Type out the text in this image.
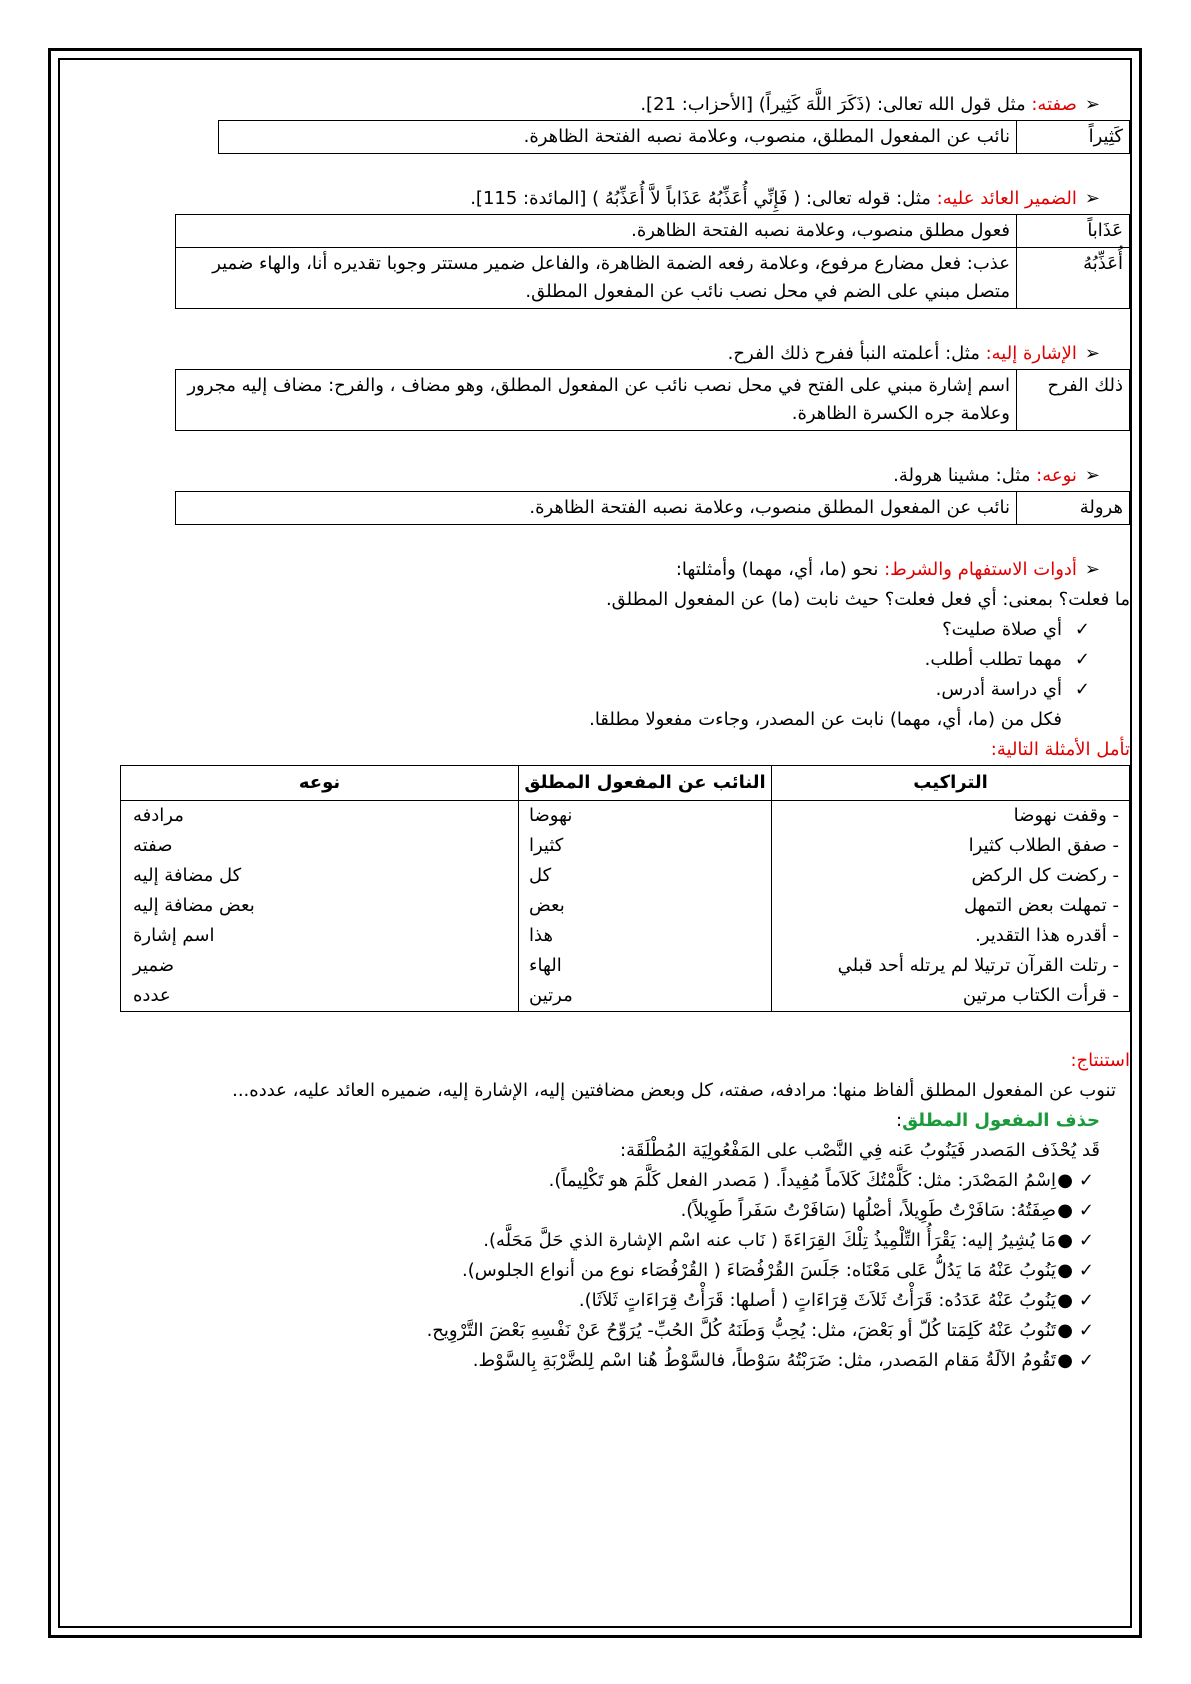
➢صفته: مثل قول الله تعالى: (ذَكَرَ اللَّهَ كَثِيراً) [الأحزاب: 21].

كَثِيراً	نائب عن المفعول المطلق، منصوب، وعلامة نصبه الفتحة الظاهرة.

➢الضمير العائد عليه: مثل: قوله تعالى: ( فَإِنِّي أُعَذِّبُهُ عَذَاباً لاَّ أُعَذِّبُهُ ) [المائدة: 115].

عَذَاباً	فعول مطلق منصوب، وعلامة نصبه الفتحة الظاهرة.
أُعَذِّبُهُ	عذب: فعل مضارع مرفوع، وعلامة رفعه الضمة الظاهرة، والفاعل ضمير مستتر وجوبا تقديره أنا، والهاء ضمير متصل مبني على الضم في محل نصب نائب عن المفعول المطلق.

➢الإشارة إليه: مثل: أعلمته النبأ ففرح ذلك الفرح.

ذلك الفرح	اسم إشارة مبني على الفتح في محل نصب نائب عن المفعول المطلق، وهو مضاف ، والفرح: مضاف إليه مجرور وعلامة جره الكسرة الظاهرة.

➢نوعه: مثل: مشينا هرولة.

هرولة	نائب عن المفعول المطلق منصوب، وعلامة نصبه الفتحة الظاهرة.

➢أدوات الاستفهام والشرط: نحو (ما، أي، مهما) وأمثلتها:

ما فعلت؟ بمعنى: أي فعل فعلت؟ حيث نابت (ما) عن المفعول المطلق.

✓
أي صلاة صليت؟
✓
مهما تطلب أطلب.
✓
أي دراسة أدرس.

فكل من (ما، أي، مهما) نابت عن المصدر، وجاءت مفعولا مطلقا.

تأمل الأمثلة التالية:

التراكيب	النائب عن المفعول المطلق	نوعه
- وقفت نهوضا	نهوضا	مرادفه
- صفق الطلاب كثيرا	كثيرا	صفته
- ركضت كل الركض	كل	كل مضافة إليه
- تمهلت بعض التمهل	بعض	بعض مضافة إليه
- أقدره هذا التقدير.	هذا	اسم إشارة
- رتلت القرآن ترتيلا لم يرتله أحد قبلي	الهاء	ضمير
- قرأت الكتاب مرتين	مرتين	عدده

استنتاج:

تنوب عن المفعول المطلق ألفاظ منها: مرادفه، صفته، كل وبعض مضافتين إليه، الإشارة إليه، ضميره العائد عليه، عدده...

حذف المفعول المطلق:

قَد يُحْذَف المَصدر فَيَنُوبُ عَنه فِي النَّصْب على المَفْعُولِيَة المُطْلَقَة:

✓●
اِسْمُ المَصْدَر: مثل: كَلَّمْتُكَ كَلاَماً مُفِيداً. ( مَصدر الفعل كَلَّمَ هو تَكْلِيماً).
✓●
صِفَتُهُ: سَافَرْتُ طَوِيلاً، أصْلُها (سَافَرْتُ سَفَراً طَوِيلاً).
✓●
مَا يُشِيرُ إليه: يَقْرَأُ التِّلْمِيذُ تِلْكَ القِرَاءَةَ ( نَاب عنه اسْم الإشارة الذي حَلَّ مَحَلَّه).
✓●
يَنُوبُ عَنْهُ مَا يَدُلُّ عَلى مَعْنَاه: جَلَسَ القُرْفُصَاءَ ( القُرْفُصَاء نوع من أنواع الجلوس).
✓●
يَنُوبُ عَنْهُ عَدَدُه: قَرَأْتُ ثَلاَثَ قِرَاءَاتٍ ( أصلها: قَرَأْتُ قِرَاءَاتٍ ثَلاَثَا).
✓●
تَنُوبُ عَنْهُ كَلِمَتا كُلّ أو بَعْضَ، مثل: يُحِبُّ وَطَنَهُ كُلَّ الحُبِّ- يُرَوِّحُ عَنْ نَفْسِهِ بَعْضَ التَّرْوِيح.
✓●
تَقُومُ الآلَةُ مَقام المَصدر، مثل: ضَرَبْتُهُ سَوْطاً، فالسَّوْطُ هُنا اسْم لِلضَّرْبَةِ بِالسَّوْط.
